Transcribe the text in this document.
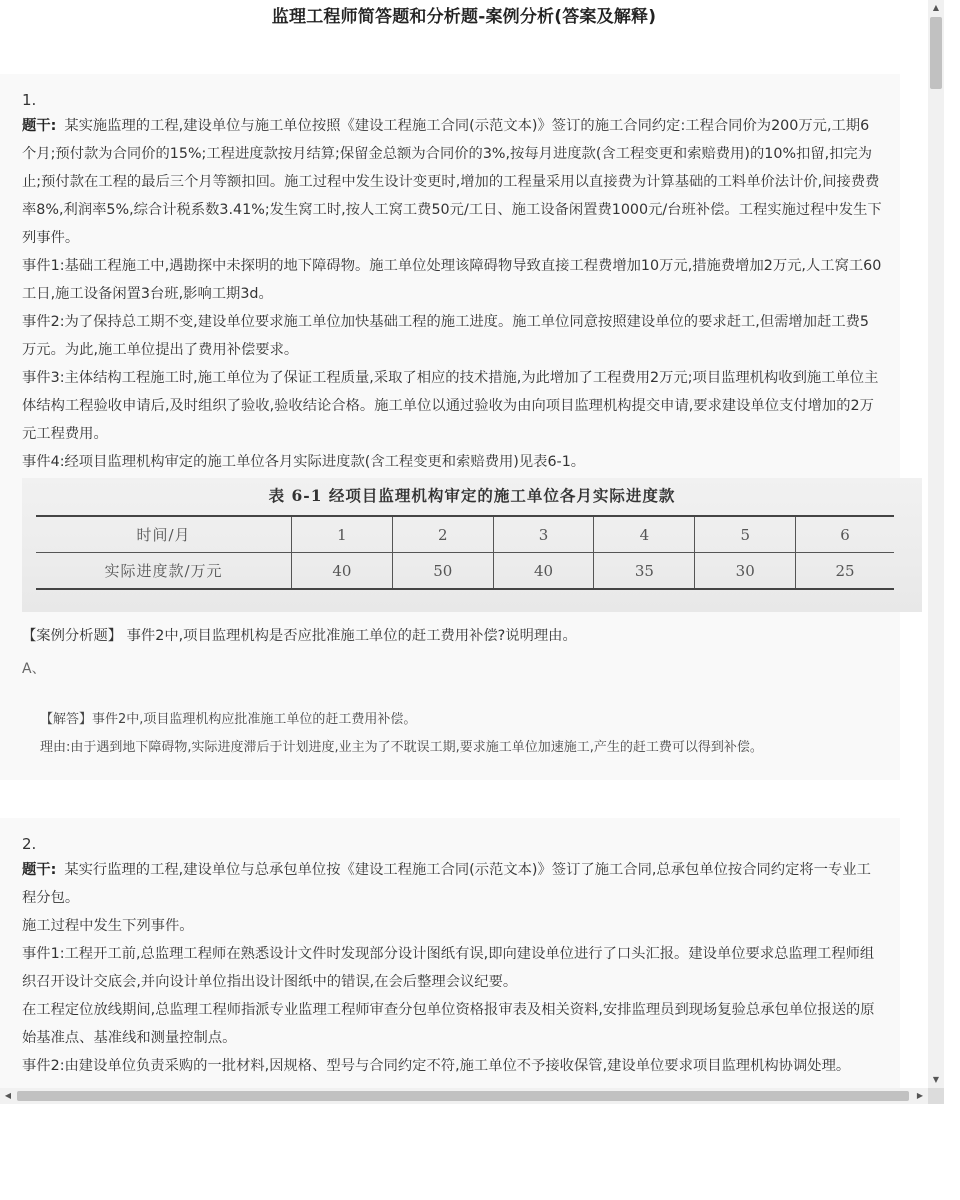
监理工程师简答题和分析题-案例分析(答案及解释)
1.

题干: 某实施监理的工程,建设单位与施工单位按照《建设工程施工合同(示范文本)》签订的施工合同约定:工程合同价为200万元,工期6个月;预付款为合同价的15%;工程进度款按月结算;保留金总额为合同价的3%,按每月进度款(含工程变更和索赔费用)的10%扣留,扣完为止;预付款在工程的最后三个月等额扣回。施工过程中发生设计变更时,增加的工程量采用以直接费为计算基础的工料单价法计价,间接费费率8%,利润率5%,综合计税系数3.41%;发生窝工时,按人工窝工费50元/工日、施工设备闲置费1000元/台班补偿。工程实施过程中发生下列事件。

事件1:基础工程施工中,遇勘探中未探明的地下障碍物。施工单位处理该障碍物导致直接工程费增加10万元,措施费增加2万元,人工窝工60工日,施工设备闲置3台班,影响工期3d。

事件2:为了保持总工期不变,建设单位要求施工单位加快基础工程的施工进度。施工单位同意按照建设单位的要求赶工,但需增加赶工费5万元。为此,施工单位提出了费用补偿要求。

事件3:主体结构工程施工时,施工单位为了保证工程质量,采取了相应的技术措施,为此增加了工程费用2万元;项目监理机构收到施工单位主体结构工程验收申请后,及时组织了验收,验收结论合格。施工单位以通过验收为由向项目监理机构提交申请,要求建设单位支付增加的2万元工程费用。

事件4:经项目监理机构审定的施工单位各月实际进度款(含工程变更和索赔费用)见表6-1。

表 6-1 经项目监理机构审定的施工单位各月实际进度款
时间/月	1	2	3	4	5	6
实际进度款/万元	40	50	40	35	30	25
【案例分析题】 事件2中,项目监理机构是否应批准施工单位的赶工费用补偿?说明理由。
A、
【解答】事件2中,项目监理机构应批准施工单位的赶工费用补偿。
理由:由于遇到地下障碍物,实际进度滞后于计划进度,业主为了不耽误工期,要求施工单位加速施工,产生的赶工费可以得到补偿。
2.

题干: 某实行监理的工程,建设单位与总承包单位按《建设工程施工合同(示范文本)》签订了施工合同,总承包单位按合同约定将一专业工程分包。

施工过程中发生下列事件。

事件1:工程开工前,总监理工程师在熟悉设计文件时发现部分设计图纸有误,即向建设单位进行了口头汇报。建设单位要求总监理工程师组织召开设计交底会,并向设计单位指出设计图纸中的错误,在会后整理会议纪要。

在工程定位放线期间,总监理工程师指派专业监理工程师审查分包单位资格报审表及相关资料,安排监理员到现场复验总承包单位报送的原始基准点、基准线和测量控制点。

事件2:由建设单位负责采购的一批材料,因规格、型号与合同约定不符,施工单位不予接收保管,建设单位要求项目监理机构协调处理。

▲
▼
◀	▶
